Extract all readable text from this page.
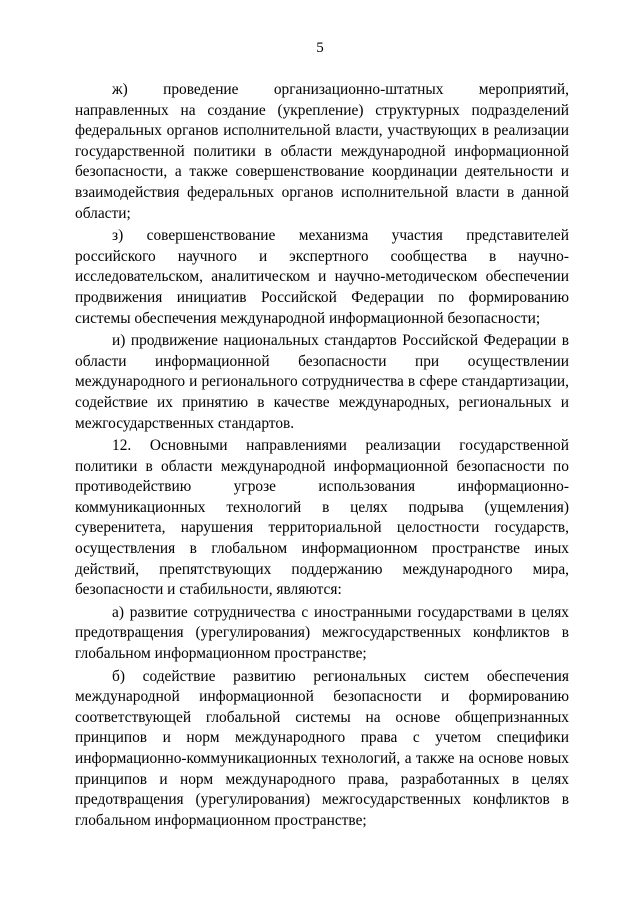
5

ж) проведение организационно-штатных мероприятий, направленных на создание (укрепление) структурных подразделений федеральных органов исполнительной власти, участвующих в реализации государственной политики в области международной информационной безопасности, а также совершенствование координации деятельности и взаимодействия федеральных органов исполнительной власти в данной области;

з) совершенствование механизма участия представителей российского научного и экспертного сообщества в научно-исследовательском, аналитическом и научно-методическом обеспечении продвижения инициатив Российской Федерации по формированию системы обеспечения международной информационной безопасности;

и) продвижение национальных стандартов Российской Федерации в области информационной безопасности при осуществлении международного и регионального сотрудничества в сфере стандартизации, содействие их принятию в качестве международных, региональных и межгосударственных стандартов.

12. Основными направлениями реализации государственной политики в области международной информационной безопасности по противодействию угрозе использования информационно-коммуникационных технологий в целях подрыва (ущемления) суверенитета, нарушения территориальной целостности государств, осуществления в глобальном информационном пространстве иных действий, препятствующих поддержанию международного мира, безопасности и стабильности, являются:

а) развитие сотрудничества с иностранными государствами в целях предотвращения (урегулирования) межгосударственных конфликтов в глобальном информационном пространстве;

б) содействие развитию региональных систем обеспечения международной информационной безопасности и формированию соответствующей глобальной системы на основе общепризнанных принципов и норм международного права с учетом специфики информационно-коммуникационных технологий, а также на основе новых принципов и норм международного права, разработанных в целях предотвращения (урегулирования) межгосударственных конфликтов в глобальном информационном пространстве;
